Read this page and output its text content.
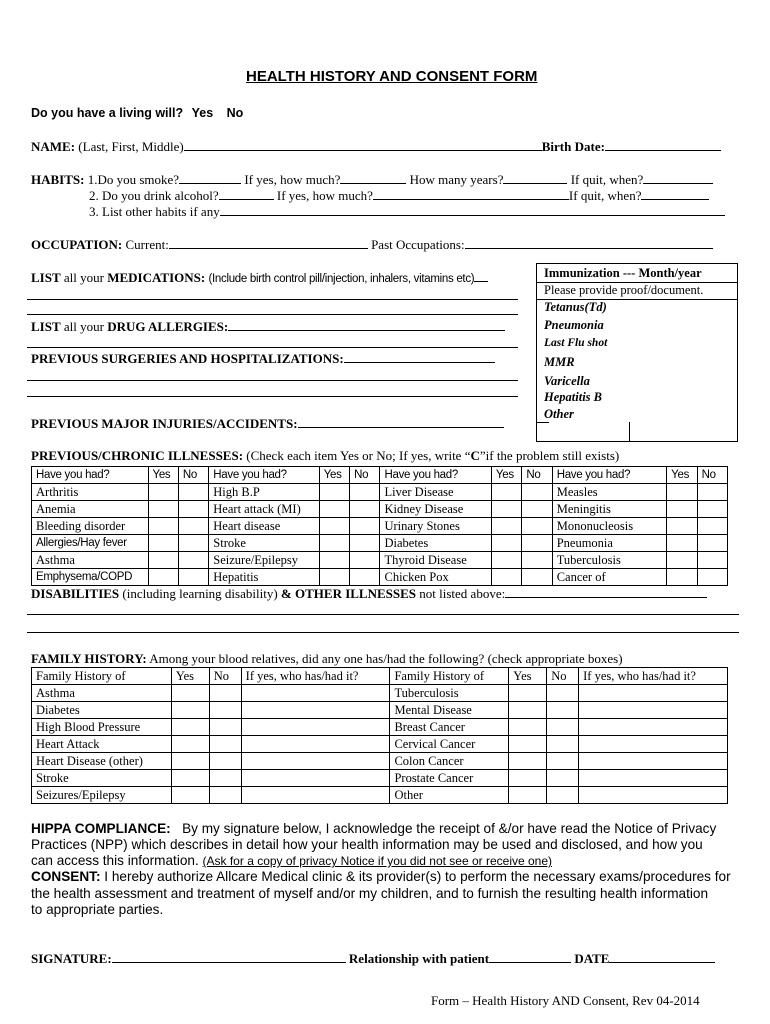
HEALTH HISTORY AND CONSENT FORM
Do you have a living will? Yes No
NAME: (Last, First, Middle)	Birth Date:
HABITS: 1.Do you smoke?	If yes, how much?	How many years?	If quit, when?
2. Do you drink alcohol?	If yes, how much?	If quit, when?
3. List other habits if any
OCCUPATION: Current:	Past Occupations:
LIST all your MEDICATIONS: (Include birth control pill/injection, inhalers, vitamins etc)
LIST all your DRUG ALLERGIES:
PREVIOUS SURGERIES AND HOSPITALIZATIONS:
PREVIOUS MAJOR INJURIES/ACCIDENTS:
Immunization --- Month/year
Please provide proof/document.
Tetanus(Td)
Pneumonia
Last Flu shot
MMR
Varicella
Hepatitis B
Other
PREVIOUS/CHRONIC ILLNESSES: (Check each item Yes or No; If yes, write “C”if the problem still exists)
Have you had?	Yes	No	Have you had?	Yes	No	Have you had?	Yes	No	Have you had?	Yes	No
Arthritis			High B.P			Liver Disease			Measles		
Anemia			Heart attack (MI)			Kidney Disease			Meningitis		
Bleeding disorder			Heart disease			Urinary Stones			Mononucleosis		
Allergies/Hay fever			Stroke			Diabetes			Pneumonia		
Asthma			Seizure/Epilepsy			Thyroid Disease			Tuberculosis		
Emphysema/COPD			Hepatitis			Chicken Pox			Cancer of		
DISABILITIES (including learning disability) & OTHER ILLNESSES not listed above:
FAMILY HISTORY: Among your blood relatives, did any one has/had the following? (check appropriate boxes)
Family History of	Yes	No	If yes, who has/had it?	Family History of	Yes	No	If yes, who has/had it?
Asthma				Tuberculosis			
Diabetes				Mental Disease			
High Blood Pressure				Breast Cancer			
Heart Attack				Cervical Cancer			
Heart Disease (other)				Colon Cancer			
Stroke				Prostate Cancer			
Seizures/Epilepsy				Other			
HIPPA COMPLIANCE: By my signature below, I acknowledge the receipt of &/or have read the Notice of Privacy
Practices (NPP) which describes in detail how your health information may be used and disclosed, and how you
can access this information. (Ask for a copy of privacy Notice if you did not see or receive one)
CONSENT: I hereby authorize Allcare Medical clinic & its provider(s) to perform the necessary exams/procedures for
the health assessment and treatment of myself and/or my children, and to furnish the resulting health information
to appropriate parties.
SIGNATURE:	Relationship with patient	DATE
Form – Health History AND Consent, Rev 04-2014
